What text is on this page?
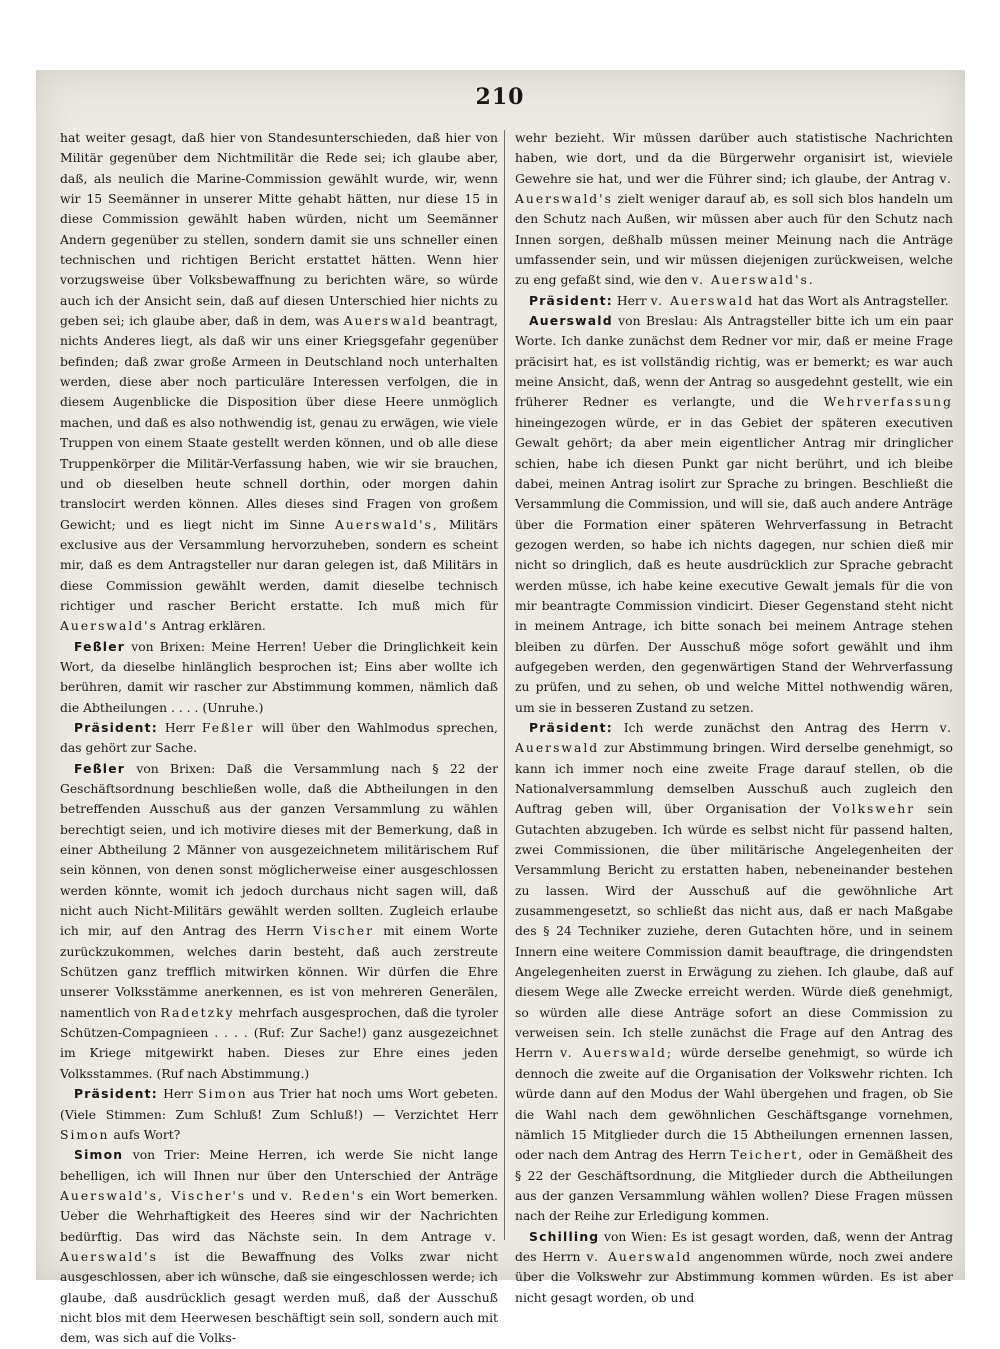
210

hat weiter gesagt, daß hier von Standesunterschieden, daß hier von Militär gegenüber dem Nichtmilitär die Rede sei; ich glaube aber, daß, als neulich die Marine-Commission gewählt wurde, wir, wenn wir 15 Seemänner in unserer Mitte gehabt hätten, nur diese 15 in diese Commission gewählt haben würden, nicht um Seemänner Andern gegenüber zu stellen, sondern damit sie uns schneller einen technischen und richtigen Bericht erstattet hätten. Wenn hier vorzugsweise über Volksbewaffnung zu berichten wäre, so würde auch ich der Ansicht sein, daß auf diesen Unterschied hier nichts zu geben sei; ich glaube aber, daß in dem, was Auerswald beantragt, nichts Anderes liegt, als daß wir uns einer Kriegsgefahr gegenüber befinden; daß zwar große Armeen in Deutschland noch unterhalten werden, diese aber noch particuläre Interessen verfolgen, die in diesem Augenblicke die Disposition über diese Heere unmöglich machen, und daß es also nothwendig ist, genau zu erwägen, wie viele Truppen von einem Staate gestellt werden können, und ob alle diese Truppenkörper die Militär-Verfassung haben, wie wir sie brauchen, und ob dieselben heute schnell dorthin, oder morgen dahin translocirt werden können. Alles dieses sind Fragen von großem Gewicht; und es liegt nicht im Sinne Auerswald's, Militärs exclusive aus der Versammlung hervorzuheben, sondern es scheint mir, daß es dem Antragsteller nur daran gelegen ist, daß Militärs in diese Commission gewählt werden, damit dieselbe technisch richtiger und rascher Bericht erstatte. Ich muß mich für Auerswald's Antrag erklären.

Feßler von Brixen: Meine Herren! Ueber die Dringlichkeit kein Wort, da dieselbe hinlänglich besprochen ist; Eins aber wollte ich berühren, damit wir rascher zur Abstimmung kommen, nämlich daß die Abtheilungen . . . . (Unruhe.)

Präsident: Herr Feßler will über den Wahlmodus sprechen, das gehört zur Sache.

Feßler von Brixen: Daß die Versammlung nach § 22 der Geschäftsordnung beschließen wolle, daß die Abtheilungen in den betreffenden Ausschuß aus der ganzen Versammlung zu wählen berechtigt seien, und ich motivire dieses mit der Bemerkung, daß in einer Abtheilung 2 Männer von ausgezeichnetem militärischem Ruf sein können, von denen sonst möglicherweise einer ausgeschlossen werden könnte, womit ich jedoch durchaus nicht sagen will, daß nicht auch Nicht-Militärs gewählt werden sollten. Zugleich erlaube ich mir, auf den Antrag des Herrn Vischer mit einem Worte zurückzukommen, welches darin besteht, daß auch zerstreute Schützen ganz trefflich mitwirken können. Wir dürfen die Ehre unserer Volksstämme anerkennen, es ist von mehreren Generälen, namentlich von Radetzky mehrfach ausgesprochen, daß die tyroler Schützen-Compagnieen . . . . (Ruf: Zur Sache!) ganz ausgezeichnet im Kriege mitgewirkt haben. Dieses zur Ehre eines jeden Volksstammes. (Ruf nach Abstimmung.)

Präsident: Herr Simon aus Trier hat noch ums Wort gebeten. (Viele Stimmen: Zum Schluß! Zum Schluß!) — Verzichtet Herr Simon aufs Wort?

Simon von Trier: Meine Herren, ich werde Sie nicht lange behelligen, ich will Ihnen nur über den Unterschied der Anträge Auerswald's, Vischer's und v. Reden's ein Wort bemerken. Ueber die Wehrhaftigkeit des Heeres sind wir der Nachrichten bedürftig. Das wird das Nächste sein. In dem Antrage v. Auerswald's ist die Bewaffnung des Volks zwar nicht ausgeschlossen, aber ich wünsche, daß sie eingeschlossen werde; ich glaube, daß ausdrücklich gesagt werden muß, daß der Ausschuß nicht blos mit dem Heerwesen beschäftigt sein soll, sondern auch mit dem, was sich auf die Volks-

wehr bezieht. Wir müssen darüber auch statistische Nachrichten haben, wie dort, und da die Bürgerwehr organisirt ist, wieviele Gewehre sie hat, und wer die Führer sind; ich glaube, der Antrag v. Auerswald's zielt weniger darauf ab, es soll sich blos handeln um den Schutz nach Außen, wir müssen aber auch für den Schutz nach Innen sorgen, deßhalb müssen meiner Meinung nach die Anträge umfassender sein, und wir müssen diejenigen zurückweisen, welche zu eng gefaßt sind, wie den v. Auerswald's.

Präsident: Herr v. Auerswald hat das Wort als Antragsteller.

Auerswald von Breslau: Als Antragsteller bitte ich um ein paar Worte. Ich danke zunächst dem Redner vor mir, daß er meine Frage präcisirt hat, es ist vollständig richtig, was er bemerkt; es war auch meine Ansicht, daß, wenn der Antrag so ausgedehnt gestellt, wie ein früherer Redner es verlangte, und die Wehrverfassung hineingezogen würde, er in das Gebiet der späteren executiven Gewalt gehört; da aber mein eigentlicher Antrag mir dringlicher schien, habe ich diesen Punkt gar nicht berührt, und ich bleibe dabei, meinen Antrag isolirt zur Sprache zu bringen. Beschließt die Versammlung die Commission, und will sie, daß auch andere Anträge über die Formation einer späteren Wehrverfassung in Betracht gezogen werden, so habe ich nichts dagegen, nur schien dieß mir nicht so dringlich, daß es heute ausdrücklich zur Sprache gebracht werden müsse, ich habe keine executive Gewalt jemals für die von mir beantragte Commission vindicirt. Dieser Gegenstand steht nicht in meinem Antrage, ich bitte sonach bei meinem Antrage stehen bleiben zu dürfen. Der Ausschuß möge sofort gewählt und ihm aufgegeben werden, den gegenwärtigen Stand der Wehrverfassung zu prüfen, und zu sehen, ob und welche Mittel nothwendig wären, um sie in besseren Zustand zu setzen.

Präsident: Ich werde zunächst den Antrag des Herrn v. Auerswald zur Abstimmung bringen. Wird derselbe genehmigt, so kann ich immer noch eine zweite Frage darauf stellen, ob die Nationalversammlung demselben Ausschuß auch zugleich den Auftrag geben will, über Organisation der Volkswehr sein Gutachten abzugeben. Ich würde es selbst nicht für passend halten, zwei Commissionen, die über militärische Angelegenheiten der Versammlung Bericht zu erstatten haben, nebeneinander bestehen zu lassen. Wird der Ausschuß auf die gewöhnliche Art zusammengesetzt, so schließt das nicht aus, daß er nach Maßgabe des § 24 Techniker zuziehe, deren Gutachten höre, und in seinem Innern eine weitere Commission damit beauftrage, die dringendsten Angelegenheiten zuerst in Erwägung zu ziehen. Ich glaube, daß auf diesem Wege alle Zwecke erreicht werden. Würde dieß genehmigt, so würden alle diese Anträge sofort an diese Commission zu verweisen sein. Ich stelle zunächst die Frage auf den Antrag des Herrn v. Auerswald; würde derselbe genehmigt, so würde ich dennoch die zweite auf die Organisation der Volkswehr richten. Ich würde dann auf den Modus der Wahl übergehen und fragen, ob Sie die Wahl nach dem gewöhnlichen Geschäftsgange vornehmen, nämlich 15 Mitglieder durch die 15 Abtheilungen ernennen lassen, oder nach dem Antrag des Herrn Teichert, oder in Gemäßheit des § 22 der Geschäftsordnung, die Mitglieder durch die Abtheilungen aus der ganzen Versammlung wählen wollen? Diese Fragen müssen nach der Reihe zur Erledigung kommen.

Schilling von Wien: Es ist gesagt worden, daß, wenn der Antrag des Herrn v. Auerswald angenommen würde, noch zwei andere über die Volkswehr zur Abstimmung kommen würden. Es ist aber nicht gesagt worden, ob und
